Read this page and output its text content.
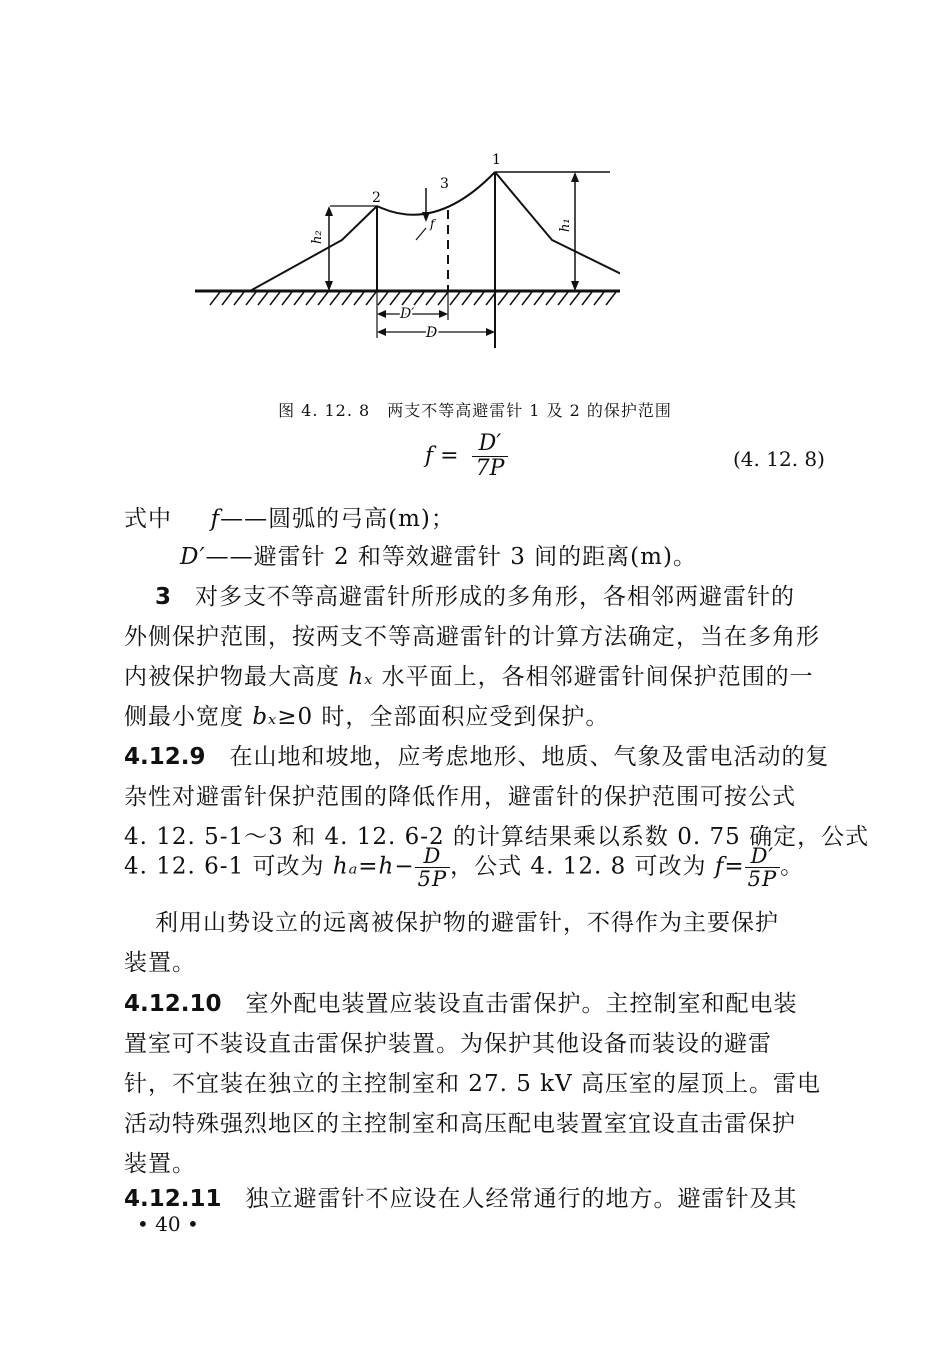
2
3
1
D′
D
h₂
h₁
f
图 4. 12. 8　两支不等高避雷针 1 及 2 的保护范围
$f = \frac{D'}{7P}$	(4. 12. 8)
式中 f——圆弧的弓高(m)；
D′——避雷针 2 和等效避雷针 3 间的距离(m)。
3　 对多支不等高避雷针所形成的多角形，各相邻两避雷针的
外侧保护范围，按两支不等高避雷针的计算方法确定，当在多角形
内被保护物最大高度 hₓ 水平面上，各相邻避雷针间保护范围的一
侧最小宽度 bₓ≥0 时，全部面积应受到保护。
4.12.9　 在山地和坡地，应考虑地形、地质、气象及雷电活动的复
杂性对避雷针保护范围的降低作用，避雷针的保护范围可按公式
4. 12. 5-1～3 和 4. 12. 6-2 的计算结果乘以系数 0. 75 确定，公式
4. 12. 6-1 可改为 $h_a=h- \frac{D}{5P}$ ，公式 4. 12. 8 可改为 $f= \frac{D'}{5P}$ 。
利用山势设立的远离被保护物的避雷针，不得作为主要保护
装置。
4.12.10　 室外配电装置应装设直击雷保护。主控制室和配电装
置室可不装设直击雷保护装置。为保护其他设备而装设的避雷
针，不宜装在独立的主控制室和 27. 5 kV 高压室的屋顶上。雷电
活动特殊强烈地区的主控制室和高压配电装置室宜设直击雷保护
装置。
4.12.11　 独立避雷针不应设在人经常通行的地方。避雷针及其
• 40 •
